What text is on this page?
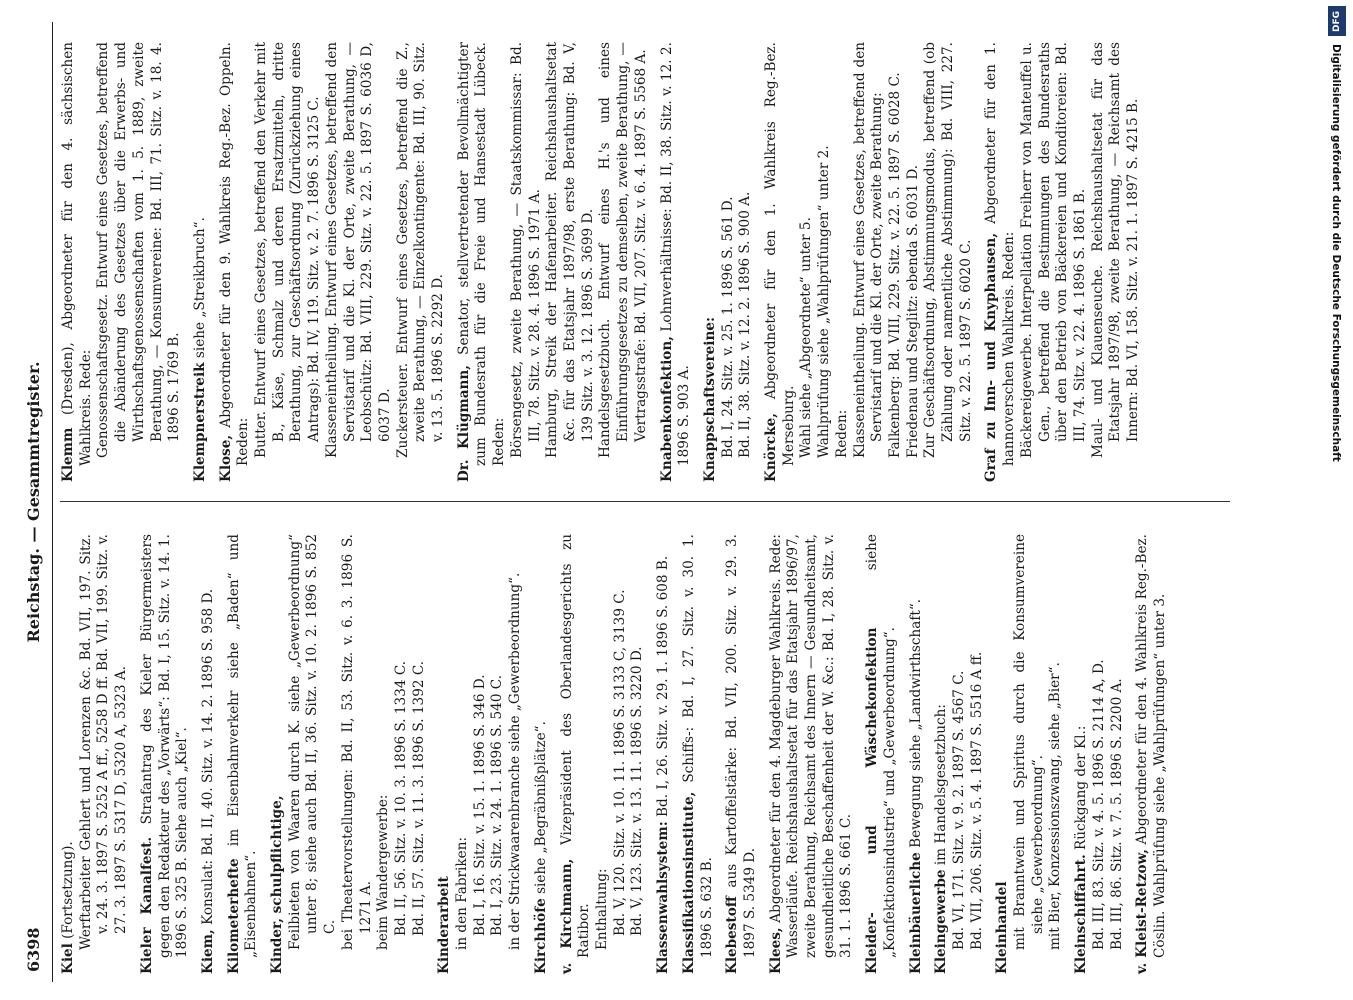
6398
Reichstag. — Gesammtregister.
Kiel (Fortsetzung). Werftarbeiter Gehlert und Lorenzen &c. Bd. VII, 197. Sitz. v. 24. 3. 1897 S. 5252 A ff., 5258 D ff. Bd. VII, 199. Sitz. v. 27. 3. 1897 S. 5317 D, 5320 A, 5323 A. Kieler Kanalfest. Strafantrag des Kieler Bürgermeisters gegen den Redakteur des „Vorwärts“: Bd. I, 15. Sitz. v. 14. 1. 1896 S. 325 B. Siehe auch „Kiel“. Kiem, Konsulat: Bd. II, 40. Sitz. v. 14. 2. 1896 S. 958 D. Kilometerhefte im Eisenbahnverkehr siehe „Baden“ und „Eisenbahnen“. Kinder, schulpflichtige, Feilbieten von Waaren durch K. siehe „Gewerbeordnung“ unter 8; siehe auch Bd. II, 36. Sitz. v. 10. 2. 1896 S. 852 C. bei Theatervorstellungen: Bd. II, 53. Sitz. v. 6. 3. 1896 S. 1271 A. beim Wandergewerbe: Bd. II, 56. Sitz. v. 10. 3. 1896 S. 1334 C. Bd. II, 57. Sitz. v. 11. 3. 1896 S. 1392 C. Kinderarbeit in den Fabriken: Bd. I, 16. Sitz. v. 15. 1. 1896 S. 346 D. Bd. I, 23. Sitz. v. 24. 1. 1896 S. 540 C. in der Strickwaarenbranche siehe „Gewerbeordnung“. Kirchhöfe siehe „Begräbnißplätze“.
v. Kirchmann, Vizepräsident des Oberlandesgerichts zu Ratibor. Enthaltung: Bd. V, 120. Sitz. v. 10. 11. 1896 S. 3133 C, 3139 C. Bd. V, 123. Sitz. v. 13. 11. 1896 S. 3220 D. Klassenwahlsystem: Bd. I, 26. Sitz. v. 29. 1. 1896 S. 608 B.
Klassifikationsinstitute, Schiffs-: Bd. I, 27. Sitz. v. 30. 1. 1896 S. 632 B. Klebestoff aus Kartoffelstärke: Bd. VII, 200. Sitz. v. 29. 3. 1897 S. 5349 D. Klees, Abgeordneter für den 4. Magdeburger Wahlkreis. Rede: Wasserläufe. Reichshaushaltsetat für das Etatsjahr 1896/97, zweite Berathung, Reichsamt des Innern — Gesundheitsamt, gesundheitliche Beschaffenheit der W. &c.: Bd. I, 28. Sitz. v. 31. 1. 1896 S. 661 C. Kleider- und Wäschekonfektion siehe „Konfektionsindustrie“ und „Gewerbeordnung“. Kleinbäuerliche Bewegung siehe „Landwirthschaft“.
Kleingewerbe im Handelsgesetzbuch: Bd. VI, 171. Sitz. v. 9. 2. 1897 S. 4567 C. Bd. VII, 206. Sitz. v. 5. 4. 1897 S. 5516 A ff. Kleinhandel mit Branntwein und Spiritus durch die Konsumvereine siehe „Gewerbeordnung“. mit Bier, Konzessionszwang, siehe „Bier“. Kleinschiffahrt. Rückgang der Kl.: Bd. III, 83. Sitz. v. 4. 5. 1896 S. 2114 A, D. Bd. III, 86. Sitz. v. 7. 5. 1896 S. 2200 A. v. Kleist-Retzow, Abgeordneter für den 4. Wahlkreis Reg.-Bez. Cöslin. Wahlprüfung siehe „Wahlprüfungen“ unter 3.
Klemm (Dresden), Abgeordneter für den 4. sächsischen Wahlkreis. Rede: Genossenschaftsgesetz. Entwurf eines Gesetzes, betreffend die Abänderung des Gesetzes über die Erwerbs- und Wirthschaftsgenossenschaften vom 1. 5. 1889, zweite Berathung, — Konsumvereine: Bd. III, 71. Sitz. v. 18. 4. 1896 S. 1769 B. Klempnerstreik siehe „Streikbruch“.
Klose, Abgeordneter für den 9. Wahlkreis Reg.-Bez. Oppeln. Reden: Butter. Entwurf eines Gesetzes, betreffend den Verkehr mit B., Käse, Schmalz und deren Ersatzmitteln, dritte Berathung, zur Geschäftsordnung (Zurückziehung eines Antrags): Bd. IV, 119. Sitz. v. 2. 7. 1896 S. 3125 C. Klasseneintheilung. Entwurf eines Gesetzes, betreffend den Servistarif und die Kl. der Orte, zweite Berathung, — Leobschütz: Bd. VIII, 229. Sitz. v. 22. 5. 1897 S. 6036 D, 6037 D. Zuckersteuer. Entwurf eines Gesetzes, betreffend die Z., zweite Berathung, — Einzelkontingente: Bd. III, 90. Sitz. v. 13. 5. 1896 S. 2292 D. Dr. Klügmann, Senator, stellvertretender Bevollmächtigter zum Bundesrath für die Freie und Hansestadt Lübeck. Reden: Börsengesetz, zweite Berathung, — Staatskommissar: Bd. III, 78. Sitz. v. 28. 4. 1896 S. 1971 A. Hamburg, Streik der Hafenarbeiter. Reichshaushaltsetat &c. für das Etatsjahr 1897/98, erste Berathung: Bd. V, 139 Sitz. v. 3. 12. 1896 S. 3699 D. Handelsgesetzbuch. Entwurf eines H.'s und eines Einführungsgesetzes zu demselben, zweite Berathung, — Vertragsstrafe: Bd. VII, 207. Sitz. v. 6. 4. 1897 S. 5568 A. Knabenkonfektion, Lohnverhältnisse: Bd. II, 38. Sitz. v. 12. 2. 1896 S. 903 A. Knappschaftsvereine: Bd. I, 24. Sitz. v. 25. 1. 1896 S. 561 D. Bd. II, 38. Sitz. v. 12. 2. 1896 S. 900 A. Knörcke, Abgeordneter für den 1. Wahlkreis Reg.-Bez. Merseburg. Wahl siehe „Abgeordnete“ unter 5. Wahlprüfung siehe „Wahlprüfungen“ unter 2. Reden: Klasseneintheilung. Entwurf eines Gesetzes, betreffend den Servistarif und die Kl. der Orte, zweite Berathung: Falkenberg: Bd. VIII, 229. Sitz. v. 22. 5. 1897 S. 6028 C. Friedenau und Steglitz: ebenda S. 6031 D. Zur Geschäftsordnung, Abstimmungsmodus, betreffend (ob Zählung oder namentliche Abstimmung): Bd. VIII, 227. Sitz. v. 22. 5. 1897 S. 6020 C. Graf zu Inn- und Knyphausen, Abgeordneter für den 1. hannoverschen Wahlkreis. Reden: Bäckereigewerbe. Interpellation Freiherr von Manteuffel u. Gen., betreffend die Bestimmungen des Bundesraths über den Betrieb von Bäckereien und Konditoreien: Bd. III, 74. Sitz. v. 22. 4. 1896 S. 1861 B. Maul- und Klauenseuche. Reichshaushaltsetat für das Etatsjahr 1897/98, zweite Berathung, — Reichsamt des Innern: Bd. VI, 158. Sitz. v. 21. 1. 1897 S. 4215 B.
DFG
Digitalisierung gefördert durch die Deutsche Forschungsgemeinschaft
